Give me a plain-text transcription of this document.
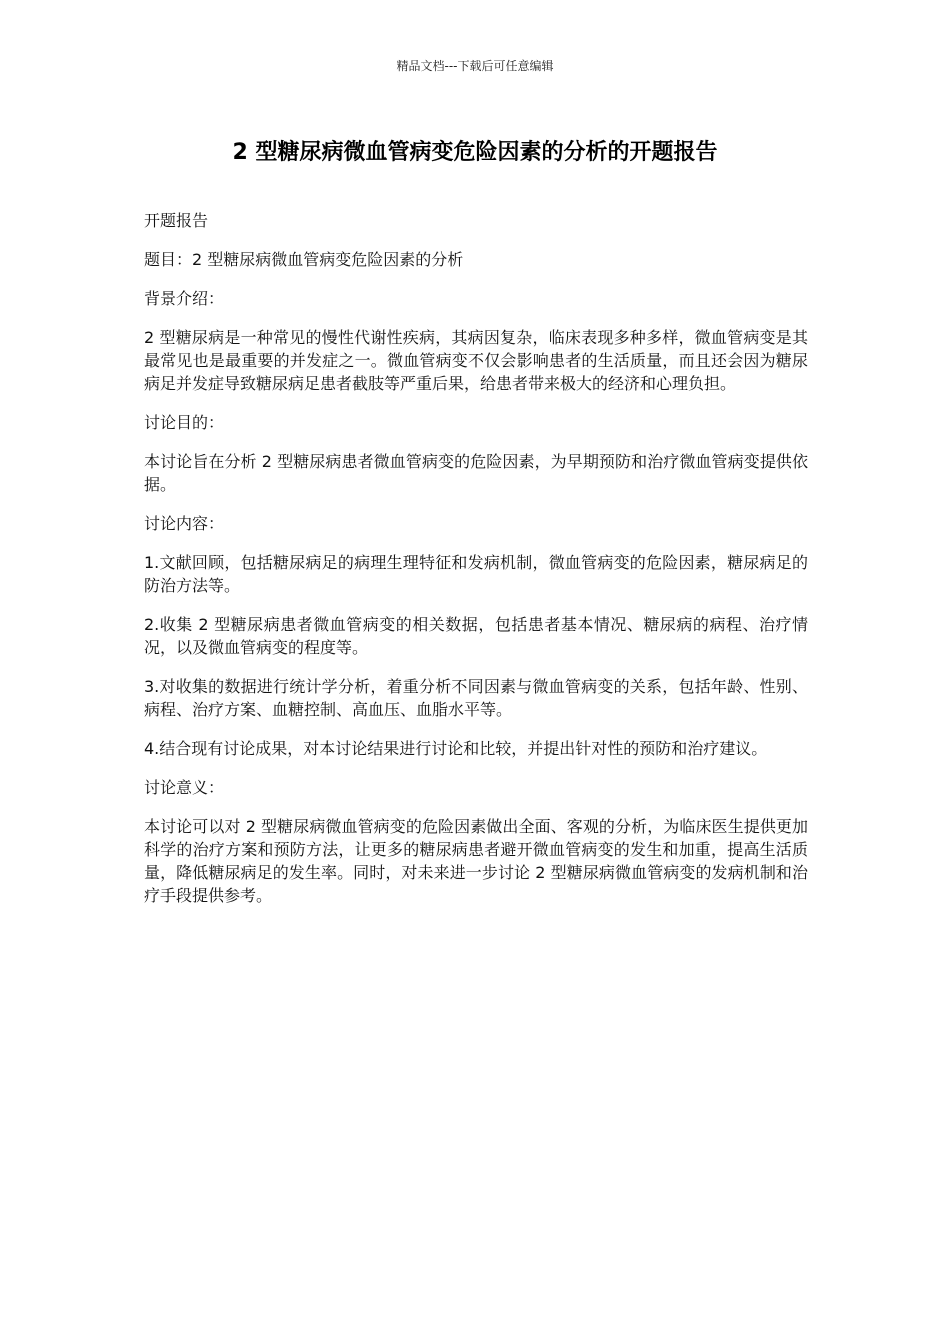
精品文档---下载后可任意编辑
2 型糖尿病微血管病变危险因素的分析的开题报告

开题报告

题目：2 型糖尿病微血管病变危险因素的分析

背景介绍：

2 型糖尿病是一种常见的慢性代谢性疾病，其病因复杂，临床表现多种多样，微血管病变是其最常见也是最重要的并发症之一。微血管病变不仅会影响患者的生活质量，而且还会因为糖尿病足并发症导致糖尿病足患者截肢等严重后果，给患者带来极大的经济和心理负担。

讨论目的：

本讨论旨在分析 2 型糖尿病患者微血管病变的危险因素，为早期预防和治疗微血管病变提供依据。

讨论内容：

1.文献回顾，包括糖尿病足的病理生理特征和发病机制，微血管病变的危险因素，糖尿病足的防治方法等。

2.收集 2 型糖尿病患者微血管病变的相关数据，包括患者基本情况、糖尿病的病程、治疗情况，以及微血管病变的程度等。

3.对收集的数据进行统计学分析，着重分析不同因素与微血管病变的关系，包括年龄、性别、病程、治疗方案、血糖控制、高血压、血脂水平等。

4.结合现有讨论成果，对本讨论结果进行讨论和比较，并提出针对性的预防和治疗建议。

讨论意义：

本讨论可以对 2 型糖尿病微血管病变的危险因素做出全面、客观的分析，为临床医生提供更加科学的治疗方案和预防方法，让更多的糖尿病患者避开微血管病变的发生和加重，提高生活质量，降低糖尿病足的发生率。同时，对未来进一步讨论 2 型糖尿病微血管病变的发病机制和治疗手段提供参考。
